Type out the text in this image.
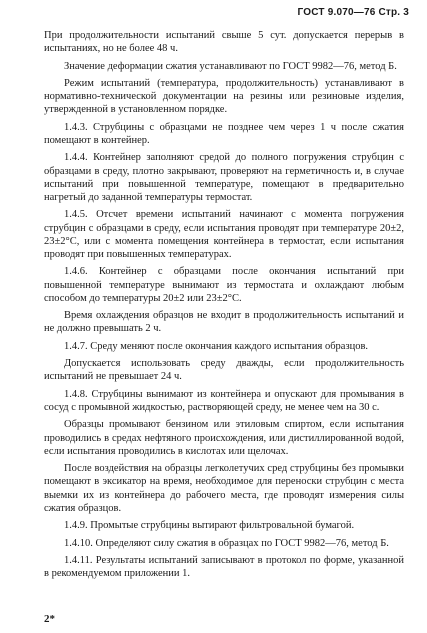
ГОСТ 9.070—76 Стр. 3

При продолжительности испытаний свыше 5 сут. допускается перерыв в испытаниях, но не более 48 ч.

Значение деформации сжатия устанавливают по ГОСТ 9982—76, метод Б.

Режим испытаний (температура, продолжительность) устанавливают в нормативно-технической документации на резины или резиновые изделия, утвержденной в установленном порядке.

1.4.3. Струбцины с образцами не позднее чем через 1 ч после сжатия помещают в контейнер.

1.4.4. Контейнер заполняют средой до полного погружения струбцин с образцами в среду, плотно закрывают, проверяют на герметичность и, в случае испытаний при повышенной температуре, помещают в предварительно нагретый до заданной температуры термостат.

1.4.5. Отсчет времени испытаний начинают с момента погружения струбцин с образцами в среду, если испытания проводят при температуре 20±2, 23±2°С, или с момента помещения контейнера в термостат, если испытания проводят при повышенных температурах.

1.4.6. Контейнер с образцами после окончания испытаний при повышенной температуре вынимают из термостата и охлаждают любым способом до температуры 20±2 или 23±2°С.

Время охлаждения образцов не входит в продолжительность испытаний и не должно превышать 2 ч.

1.4.7. Среду меняют после окончания каждого испытания образцов.

Допускается использовать среду дважды, если продолжительность испытаний не превышает 24 ч.

1.4.8. Струбцины вынимают из контейнера и опускают для промывания в сосуд с промывной жидкостью, растворяющей среду, не менее чем на 30 с.

Образцы промывают бензином или этиловым спиртом, если испытания проводились в средах нефтяного происхождения, или дистиллированной водой, если испытания проводились в кислотах или щелочах.

После воздействия на образцы легколетучих сред струбцины без промывки помещают в эксикатор на время, необходимое для переноски струбцин с места выемки их из контейнера до рабочего места, где проводят измерения силы сжатия образцов.

1.4.9. Промытые струбцины вытирают фильтровальной бумагой.

1.4.10. Определяют силу сжатия в образцах по ГОСТ 9982—76, метод Б.

1.4.11. Результаты испытаний записывают в протокол по форме, указанной в рекомендуемом приложении 1.

2*
